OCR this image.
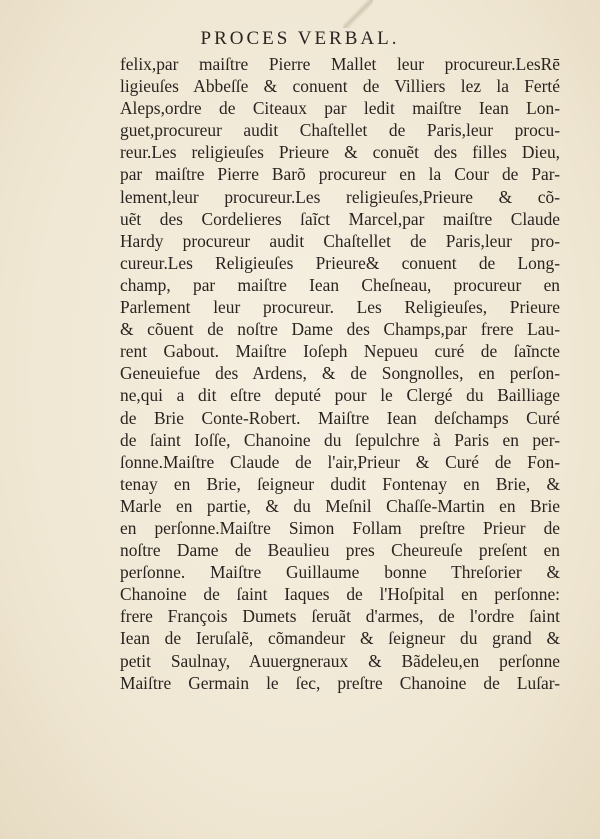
PROCES VERBAL.
felix,par maiſtre Pierre Mallet leur procureur.LesRē
ligieuſes Abbeſſe & conuent de Villiers lez la Ferté
Aleps,ordre de Citeaux par ledit maiſtre Iean Lon-
guet,procureur audit Chaſtellet de Paris,leur procu-
reur.Les religieuſes Prieure & conuẽt des filles Dieu,
par maiſtre Pierre Barõ procureur en la Cour de Par-
lement,leur procureur.Les religieuſes,Prieure & cõ-
uẽt des Cordelieres ſaĩct Marcel,par maiſtre Claude
Hardy procureur audit Chaſtellet de Paris,leur pro-
cureur.Les Religieuſes Prieure& conuent de Long-
champ, par maiſtre Iean Cheſneau, procureur en
Parlement leur procureur. Les Religieuſes, Prieure
& cõuent de noſtre Dame des Champs,par frere Lau-
rent Gabout. Maiſtre Ioſeph Nepueu curé de ſaĩncte
Geneuiefue des Ardens, & de Songnolles, en perſon-
ne,qui a dit eſtre deputé pour le Clergé du Bailliage
de Brie Conte-Robert. Maiſtre Iean deſchamps Curé
de ſaint Ioſſe, Chanoine du ſepulchre à Paris en per-
ſonne.Maiſtre Claude de l'air,Prieur & Curé de Fon-
tenay en Brie, ſeigneur dudit Fontenay en Brie, &
Marle en partie, & du Meſnil Chaſſe-Martin en Brie
en perſonne.Maiſtre Simon Follam preſtre Prieur de
noſtre Dame de Beaulieu pres Cheureuſe preſent en
perſonne. Maiſtre Guillaume bonne Threſorier &
Chanoine de ſaint Iaques de l'Hoſpital en perſonne:
frere François Dumets ſeruãt d'armes, de l'ordre ſaint
Iean de Ieruſalẽ, cõmandeur & ſeigneur du grand &
petit Saulnay, Auuergneraux & Bãdeleu,en perſonne
Maiſtre Germain le ſec, preſtre Chanoine de Luſar-
